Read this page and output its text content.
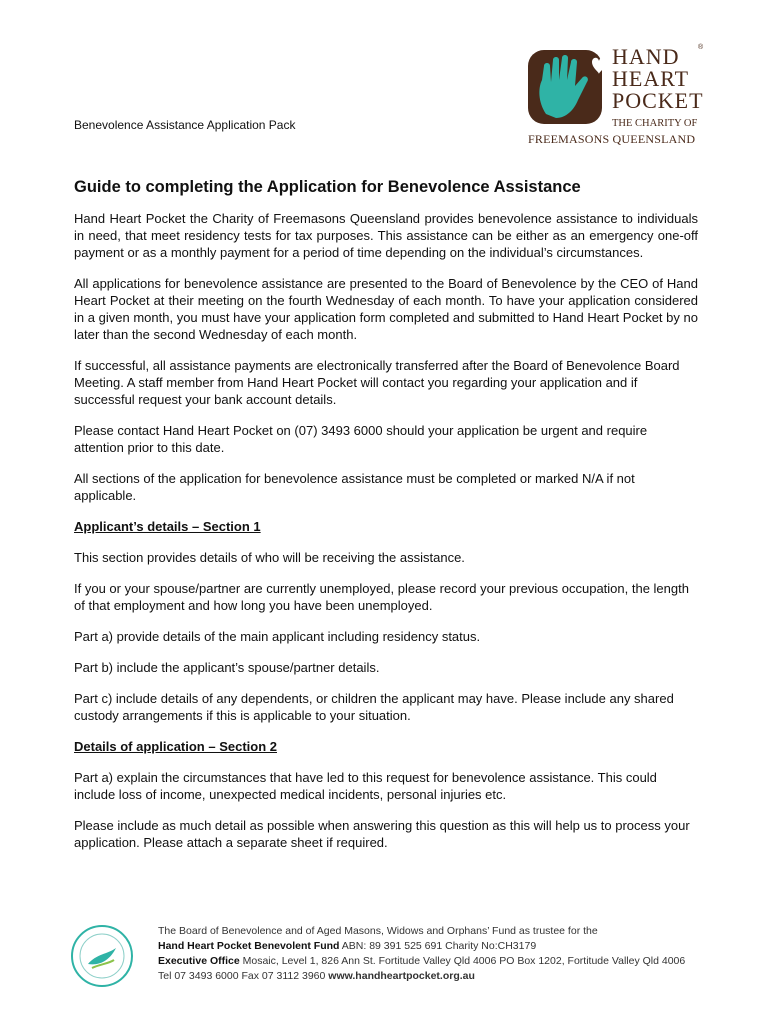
Benevolence Assistance Application Pack
HAND	®
HEART
POCKET
THE CHARITY OF
FREEMASONS QUEENSLAND
Guide to completing the Application for Benevolence Assistance

Hand Heart Pocket the Charity of Freemasons Queensland provides benevolence assistance to individuals in need, that meet residency tests for tax purposes. This assistance can be either as an emergency one-off payment or as a monthly payment for a period of time depending on the individual’s circumstances.

All applications for benevolence assistance are presented to the Board of Benevolence by the CEO of Hand Heart Pocket at their meeting on the fourth Wednesday of each month. To have your application considered in a given month, you must have your application form completed and submitted to Hand Heart Pocket by no later than the second Wednesday of each month.

If successful, all assistance payments are electronically transferred after the Board of Benevolence Board Meeting. A staff member from Hand Heart Pocket will contact you regarding your application and if successful request your bank account details.

Please contact Hand Heart Pocket on (07) 3493 6000 should your application be urgent and require attention prior to this date.

All sections of the application for benevolence assistance must be completed or marked N/A if not applicable.

Applicant’s details – Section 1

This section provides details of who will be receiving the assistance.

If you or your spouse/partner are currently unemployed, please record your previous occupation, the length of that employment and how long you have been unemployed.

Part a) provide details of the main applicant including residency status.

Part b) include the applicant’s spouse/partner details.

Part c) include details of any dependents, or children the applicant may have. Please include any shared custody arrangements if this is applicable to your situation.

Details of application – Section 2

Part a) explain the circumstances that have led to this request for benevolence assistance. This could include loss of income, unexpected medical incidents, personal injuries etc.

Please include as much detail as possible when answering this question as this will help us to process your application. Please attach a separate sheet if required.

The Board of Benevolence and of Aged Masons, Widows and Orphans’ Fund as trustee for the
Hand Heart Pocket Benevolent Fund ABN: 89 391 525 691 Charity No:CH3179
Executive Office Mosaic, Level 1, 826 Ann St. Fortitude Valley Qld 4006 PO Box 1202, Fortitude Valley Qld 4006
Tel 07 3493 6000 Fax 07 3112 3960 www.handheartpocket.org.au
